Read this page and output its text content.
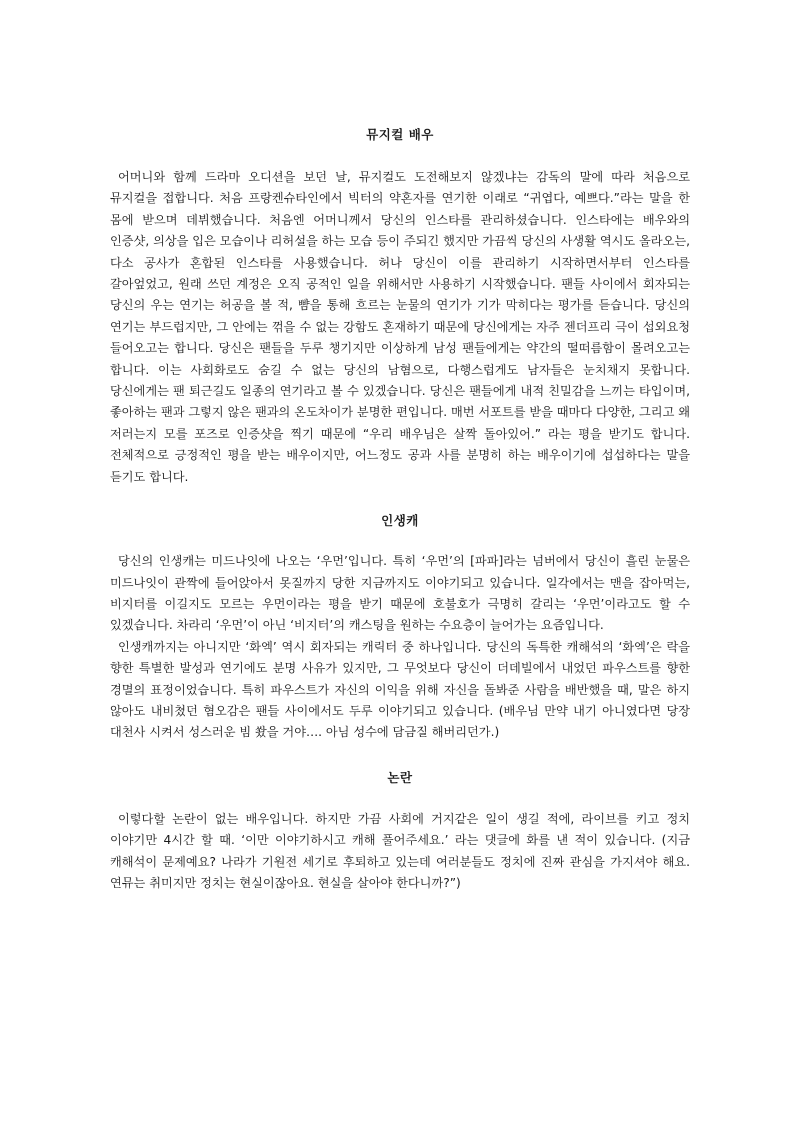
뮤지컬 배우

어머니와 함께 드라마 오디션을 보던 날, 뮤지컬도 도전해보지 않겠냐는 감독의 말에 따라 처음으로 뮤지컬을 접합니다. 처음 프랑켄슈타인에서 빅터의 약혼자를 연기한 이래로 “귀엽다, 예쁘다.”라는 말을 한 몸에 받으며 데뷔했습니다. 처음엔 어머니께서 당신의 인스타를 관리하셨습니다. 인스타에는 배우와의 인증샷, 의상을 입은 모습이나 리허설을 하는 모습 등이 주되긴 했지만 가끔씩 당신의 사생활 역시도 올라오는, 다소 공사가 혼합된 인스타를 사용했습니다. 허나 당신이 이를 관리하기 시작하면서부터 인스타를 갈아엎었고, 원래 쓰던 계정은 오직 공적인 일을 위해서만 사용하기 시작했습니다. 팬들 사이에서 회자되는 당신의 우는 연기는 허공을 볼 적, 뺨을 통해 흐르는 눈물의 연기가 기가 막히다는 평가를 듣습니다. 당신의 연기는 부드럽지만, 그 안에는 꺾을 수 없는 강함도 혼재하기 때문에 당신에게는 자주 젠더프리 극이 섭외요청 들어오고는 합니다. 당신은 팬들을 두루 챙기지만 이상하게 남성 팬들에게는 약간의 떨떠름함이 몰려오고는 합니다. 이는 사회화로도 숨길 수 없는 당신의 남혐으로, 다행스럽게도 남자들은 눈치채지 못합니다. 당신에게는 팬 퇴근길도 일종의 연기라고 볼 수 있겠습니다. 당신은 팬들에게 내적 친밀감을 느끼는 타입이며, 좋아하는 팬과 그렇지 않은 팬과의 온도차이가 분명한 편입니다. 매번 서포트를 받을 때마다 다양한, 그리고 왜 저러는지 모를 포즈로 인증샷을 찍기 때문에 “우리 배우님은 살짝 돌아있어.” 라는 평을 받기도 합니다. 전체적으로 긍정적인 평을 받는 배우이지만, 어느정도 공과 사를 분명히 하는 배우이기에 섭섭하다는 말을 듣기도 합니다.

인생캐

당신의 인생캐는 미드나잇에 나오는 ‘우먼’입니다. 특히 ‘우먼’의 [파파]라는 넘버에서 당신이 흘린 눈물은 미드나잇이 관짝에 들어앉아서 못질까지 당한 지금까지도 이야기되고 있습니다. 일각에서는 맨을 잡아먹는, 비지터를 이길지도 모르는 우먼이라는 평을 받기 때문에 호불호가 극명히 갈리는 ‘우먼’이라고도 할 수 있겠습니다. 차라리 ‘우먼’이 아닌 ‘비지터’의 캐스팅을 원하는 수요층이 늘어가는 요즘입니다.

인생캐까지는 아니지만 ‘화엑’ 역시 회자되는 캐릭터 중 하나입니다. 당신의 독특한 캐해석의 ‘화엑’은 락을 향한 특별한 발성과 연기에도 분명 사유가 있지만, 그 무엇보다 당신이 더데빌에서 내었던 파우스트를 향한 경멸의 표정이었습니다. 특히 파우스트가 자신의 이익을 위해 자신을 돌봐준 사람을 배반했을 때, 말은 하지 않아도 내비쳤던 혐오감은 팬들 사이에서도 두루 이야기되고 있습니다. (배우님 만약 내기 아니였다면 당장 대천사 시켜서 성스러운 빔 쐈을 거야…. 아님 성수에 담금질 해버리던가.)

논란

이렇다할 논란이 없는 배우입니다. 하지만 가끔 사회에 거지같은 일이 생길 적에, 라이브를 키고 정치 이야기만 4시간 할 때. ‘이만 이야기하시고 캐해 풀어주세요.’ 라는 댓글에 화를 낸 적이 있습니다. (지금 캐해석이 문제예요? 나라가 기원전 세기로 후퇴하고 있는데 여러분들도 정치에 진짜 관심을 가지셔야 해요. 연뮤는 취미지만 정치는 현실이잖아요. 현실을 살아야 한다니까?”)
